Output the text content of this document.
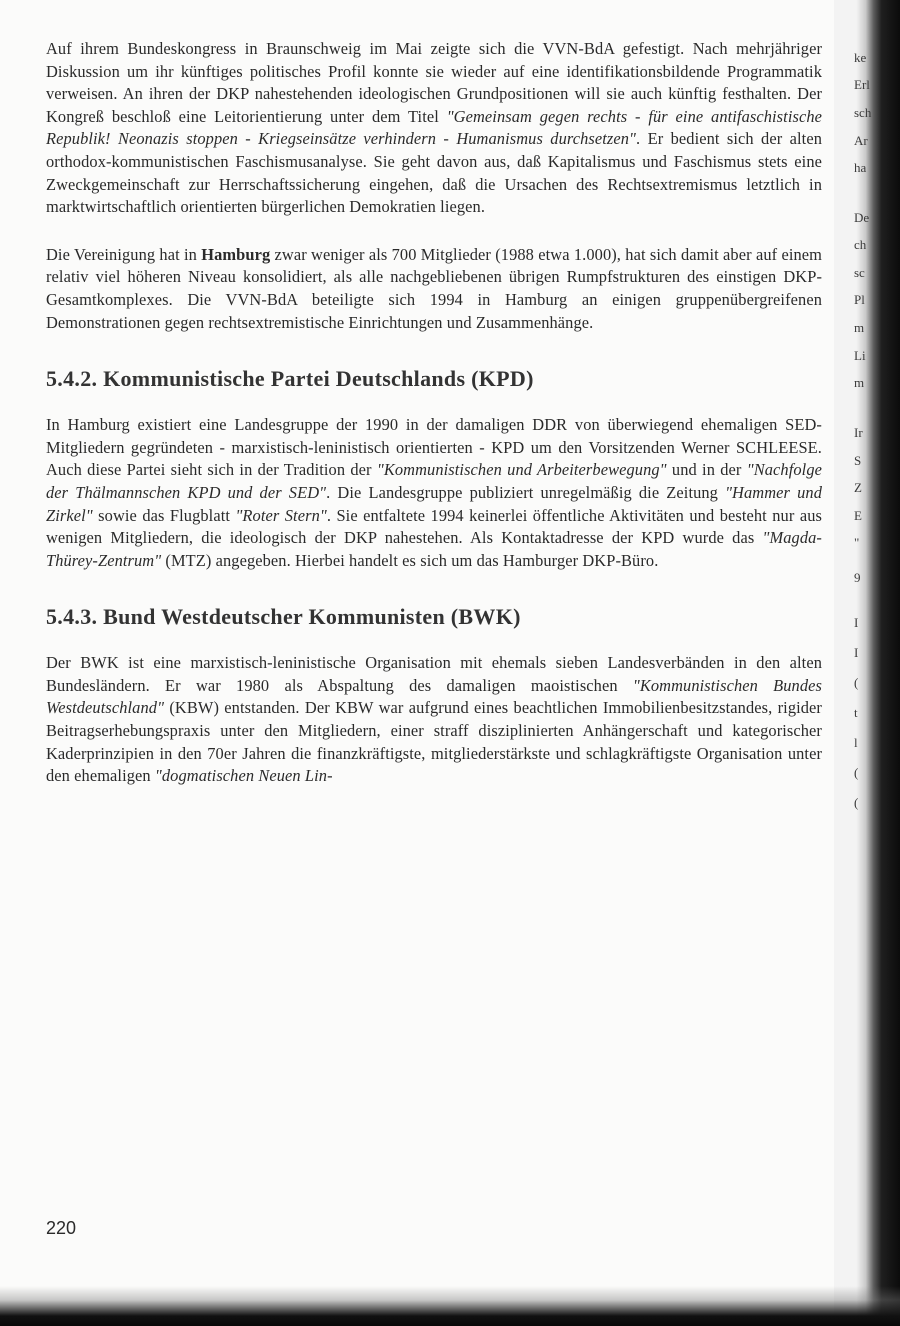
Auf ihrem Bundeskongress in Braunschweig im Mai zeigte sich die VVN-BdA gefestigt. Nach mehrjähriger Diskussion um ihr künftiges politisches Profil konnte sie wieder auf eine identifikationsbildende Programmatik verweisen. An ihren der DKP nahestehenden ideologischen Grundpositionen will sie auch künftig festhalten. Der Kongreß beschloß eine Leitorientierung unter dem Titel "Gemeinsam gegen rechts - für eine antifaschistische Republik! Neonazis stoppen - Kriegseinsätze verhindern - Humanismus durchsetzen". Er bedient sich der alten orthodox-kommunistischen Faschismusanalyse. Sie geht davon aus, daß Kapitalismus und Faschismus stets eine Zweckgemeinschaft zur Herrschaftssicherung eingehen, daß die Ursachen des Rechtsextremismus letztlich in marktwirtschaftlich orientierten bürgerlichen Demokratien liegen.

Die Vereinigung hat in Hamburg zwar weniger als 700 Mitglieder (1988 etwa 1.000), hat sich damit aber auf einem relativ viel höheren Niveau konsolidiert, als alle nachgebliebenen übrigen Rumpfstrukturen des einstigen DKP-Gesamtkomplexes. Die VVN-BdA beteiligte sich 1994 in Hamburg an einigen gruppenübergreifenen Demonstrationen gegen rechtsextremistische Einrichtungen und Zusammenhänge.

5.4.2. Kommunistische Partei Deutschlands (KPD)

In Hamburg existiert eine Landesgruppe der 1990 in der damaligen DDR von überwiegend ehemaligen SED-Mitgliedern gegründeten - marxistisch-leninistisch orientierten - KPD um den Vorsitzenden Werner SCHLEESE. Auch diese Partei sieht sich in der Tradition der "Kommunistischen und Arbeiterbewegung" und in der "Nachfolge der Thälmannschen KPD und der SED". Die Landesgruppe publiziert unregelmäßig die Zeitung "Hammer und Zirkel" sowie das Flugblatt "Roter Stern". Sie entfaltete 1994 keinerlei öffentliche Aktivitäten und besteht nur aus wenigen Mitgliedern, die ideologisch der DKP nahestehen. Als Kontaktadresse der KPD wurde das "Magda-Thürey-Zentrum" (MTZ) angegeben. Hierbei handelt es sich um das Hamburger DKP-Büro.

5.4.3. Bund Westdeutscher Kommunisten (BWK)

Der BWK ist eine marxistisch-leninistische Organisation mit ehemals sieben Landesverbänden in den alten Bundesländern. Er war 1980 als Abspaltung des damaligen maoistischen "Kommunistischen Bundes Westdeutschland" (KBW) entstanden. Der KBW war aufgrund eines beachtlichen Immobilienbesitzstandes, rigider Beitragserhebungspraxis unter den Mitgliedern, einer straff disziplinierten Anhängerschaft und kategorischer Kaderprinzipien in den 70er Jahren die finanzkräftigste, mitgliederstärkste und schlagkräftigste Organisation unter den ehemaligen "dogmatischen Neuen Lin-

220
ke
Erl
sch
Ar
ha
De
ch
sc
Pl
m
Li
m
Ir
S
Z
E
"
9
I
I
(
t
l
(
(
